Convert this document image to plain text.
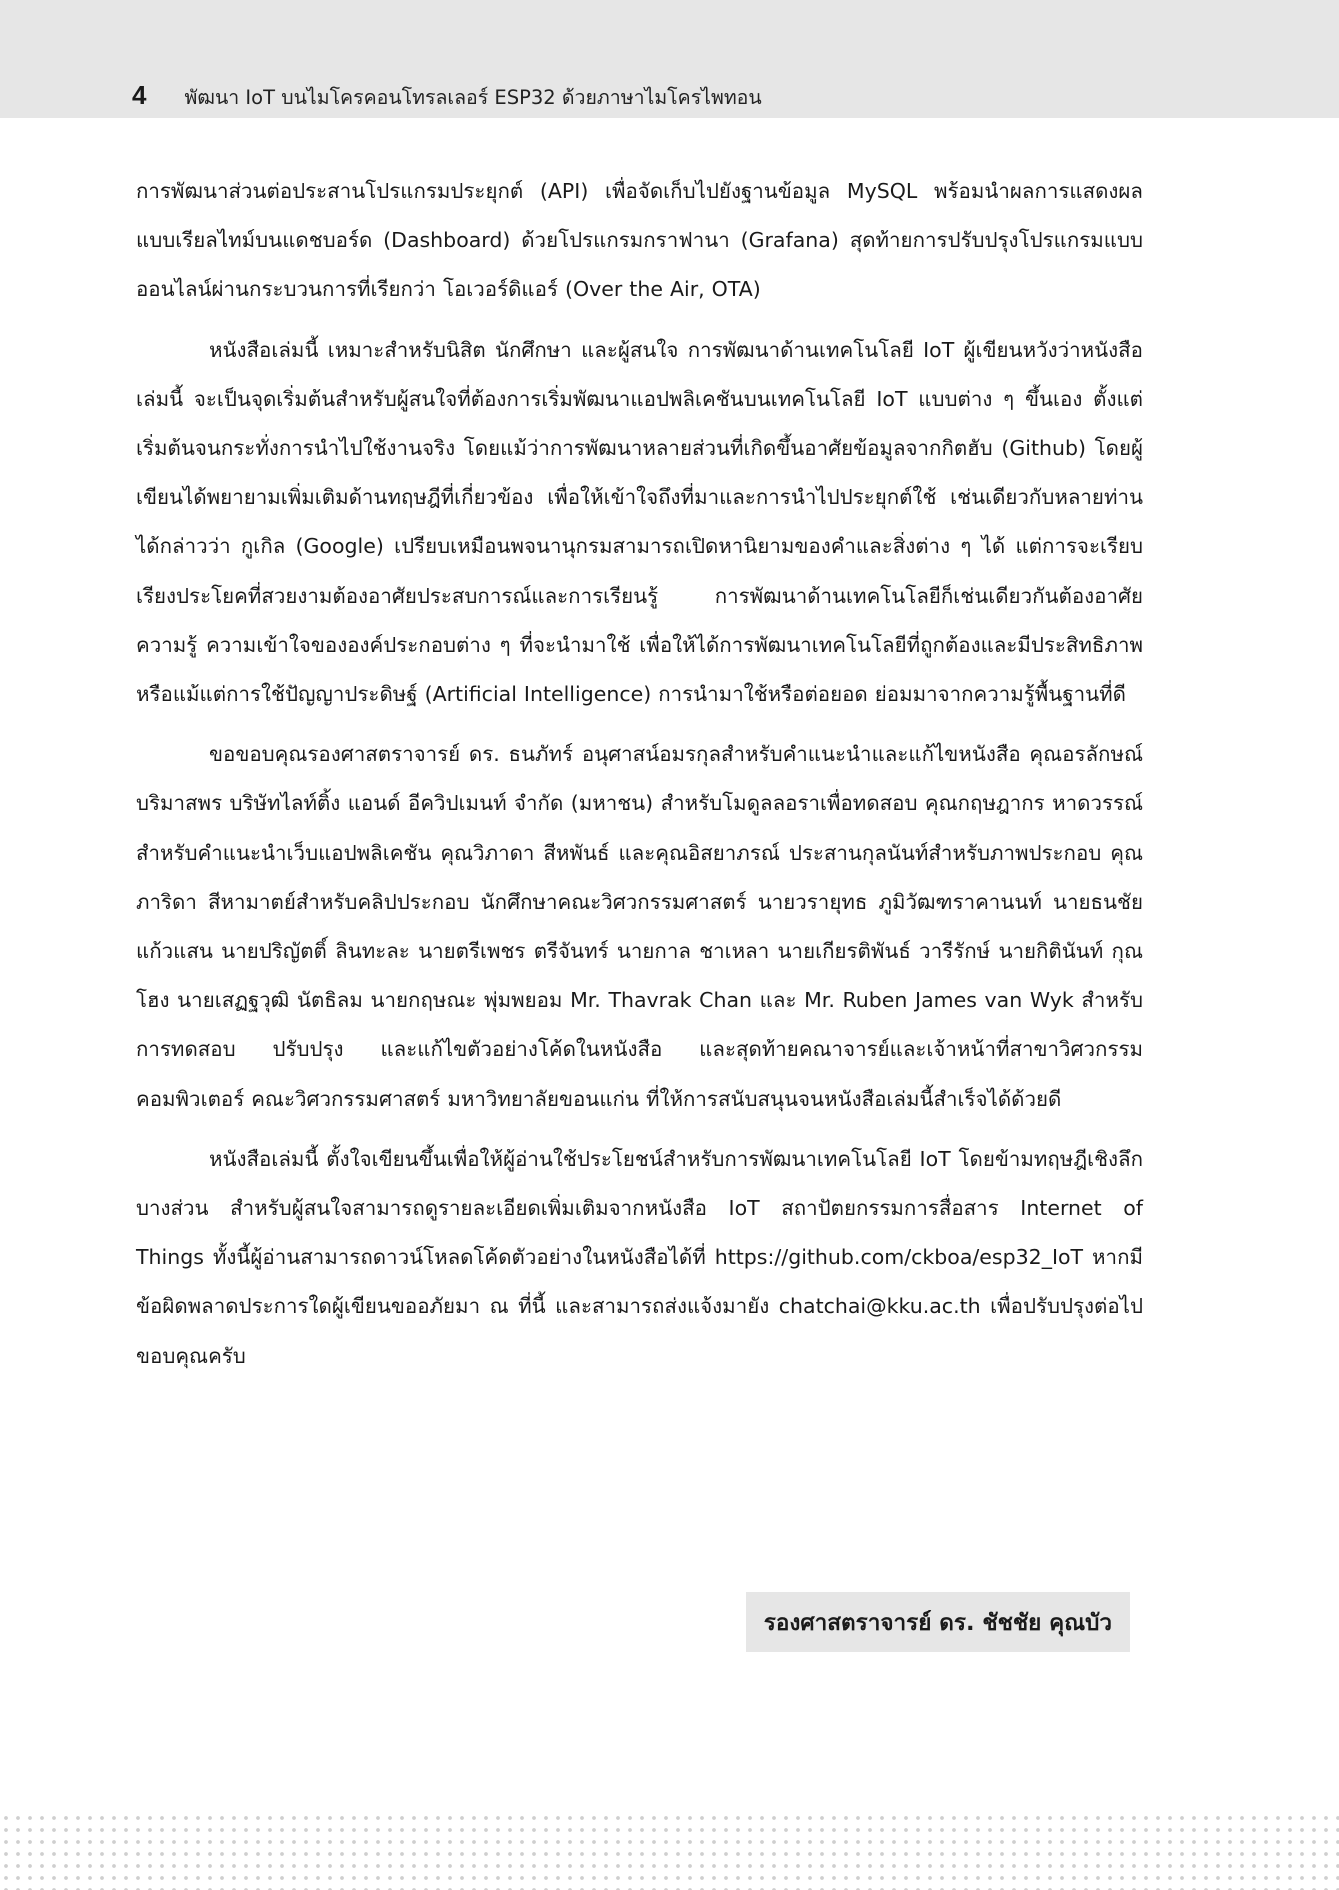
4 พัฒนา IoT บนไมโครคอนโทรลเลอร์ ESP32 ด้วยภาษาไมโครไพทอน

การพัฒนาส่วนต่อประสานโปรแกรมประยุกต์ (API) เพื่อจัดเก็บไปยังฐานข้อมูล MySQL พร้อมนำผลการแสดงผลแบบเรียลไทม์บนแดชบอร์ด (Dashboard) ด้วยโปรแกรมกราฟานา (Grafana) สุดท้ายการปรับปรุงโปรแกรมแบบออนไลน์ผ่านกระบวนการที่เรียกว่า โอเวอร์ดิแอร์ (Over the Air, OTA)

หนังสือเล่มนี้ เหมาะสำหรับนิสิต นักศึกษา และผู้สนใจ การพัฒนาด้านเทคโนโลยี IoT ผู้เขียนหวังว่าหนังสือเล่มนี้ จะเป็นจุดเริ่มต้นสำหรับผู้สนใจที่ต้องการเริ่มพัฒนาแอปพลิเคชันบนเทคโนโลยี IoT แบบต่าง ๆ ขึ้นเอง ตั้งแต่เริ่มต้นจนกระทั่งการนำไปใช้งานจริง โดยแม้ว่าการพัฒนาหลายส่วนที่เกิดขึ้นอาศัยข้อมูลจากกิตฮับ (Github) โดยผู้เขียนได้พยายามเพิ่มเติมด้านทฤษฎีที่เกี่ยวข้อง เพื่อให้เข้าใจถึงที่มาและการนำไปประยุกต์ใช้ เช่นเดียวกับหลายท่านได้กล่าวว่า กูเกิล (Google) เปรียบเหมือนพจนานุกรมสามารถเปิดหานิยามของคำและสิ่งต่าง ๆ ได้ แต่การจะเรียบเรียงประโยคที่สวยงามต้องอาศัยประสบการณ์และการเรียนรู้ การพัฒนาด้านเทคโนโลยีก็เช่นเดียวกันต้องอาศัยความรู้ ความเข้าใจขององค์ประกอบต่าง ๆ ที่จะนำมาใช้ เพื่อให้ได้การพัฒนาเทคโนโลยีที่ถูกต้องและมีประสิทธิภาพ หรือแม้แต่การใช้ปัญญาประดิษฐ์ (Artificial Intelligence) การนำมาใช้หรือต่อยอด ย่อมมาจากความรู้พื้นฐานที่ดี

ขอขอบคุณรองศาสตราจารย์ ดร. ธนภัทร์ อนุศาสน์อมรกุลสำหรับคำแนะนำและแก้ไขหนังสือ คุณอรลักษณ์ บริมาสพร บริษัทไลท์ติ้ง แอนด์ อีควิปเมนท์ จำกัด (มหาชน) สำหรับโมดูลลอราเพื่อทดสอบ คุณกฤษฎากร หาดวรรณ์สำหรับคำแนะนำเว็บแอปพลิเคชัน คุณวิภาดา สีหพันธ์ และคุณอิสยาภรณ์ ประสานกุลนันท์สำหรับภาพประกอบ คุณภาริดา สีหามาตย์สำหรับคลิปประกอบ นักศึกษาคณะวิศวกรรมศาสตร์ นายวรายุทธ ภูมิวัฒฑราคานนท์ นายธนชัย แก้วแสน นายปริญัตติ์ ลินทะละ นายตรีเพชร ตรีจันทร์ นายกาล ชาเหลา นายเกียรติพันธ์ วารีรักษ์ นายกิตินันท์ กุณโฮง นายเสฏฐวุฒิ นัตธิลม นายกฤษณะ พุ่มพยอม Mr. Thavrak Chan และ Mr. Ruben James van Wyk สำหรับการทดสอบ ปรับปรุง และแก้ไขตัวอย่างโค้ดในหนังสือ และสุดท้ายคณาจารย์และเจ้าหน้าที่สาขาวิศวกรรมคอมพิวเตอร์ คณะวิศวกรรมศาสตร์ มหาวิทยาลัยขอนแก่น ที่ให้การสนับสนุนจนหนังสือเล่มนี้สำเร็จได้ด้วยดี

หนังสือเล่มนี้ ตั้งใจเขียนขึ้นเพื่อให้ผู้อ่านใช้ประโยชน์สำหรับการพัฒนาเทคโนโลยี IoT โดยข้ามทฤษฎีเชิงลึกบางส่วน สำหรับผู้สนใจสามารถดูรายละเอียดเพิ่มเติมจากหนังสือ IoT สถาปัตยกรรมการสื่อสาร Internet of Things ทั้งนี้ผู้อ่านสามารถดาวน์โหลดโค้ดตัวอย่างในหนังสือได้ที่ https://github.com/ckboa/esp32_IoT หากมีข้อผิดพลาดประการใดผู้เขียนขออภัยมา ณ ที่นี้ และสามารถส่งแจ้งมายัง chatchai@kku.ac.th เพื่อปรับปรุงต่อไป ขอบคุณครับ

รองศาสตราจารย์ ดร. ชัชชัย คุณบัว
